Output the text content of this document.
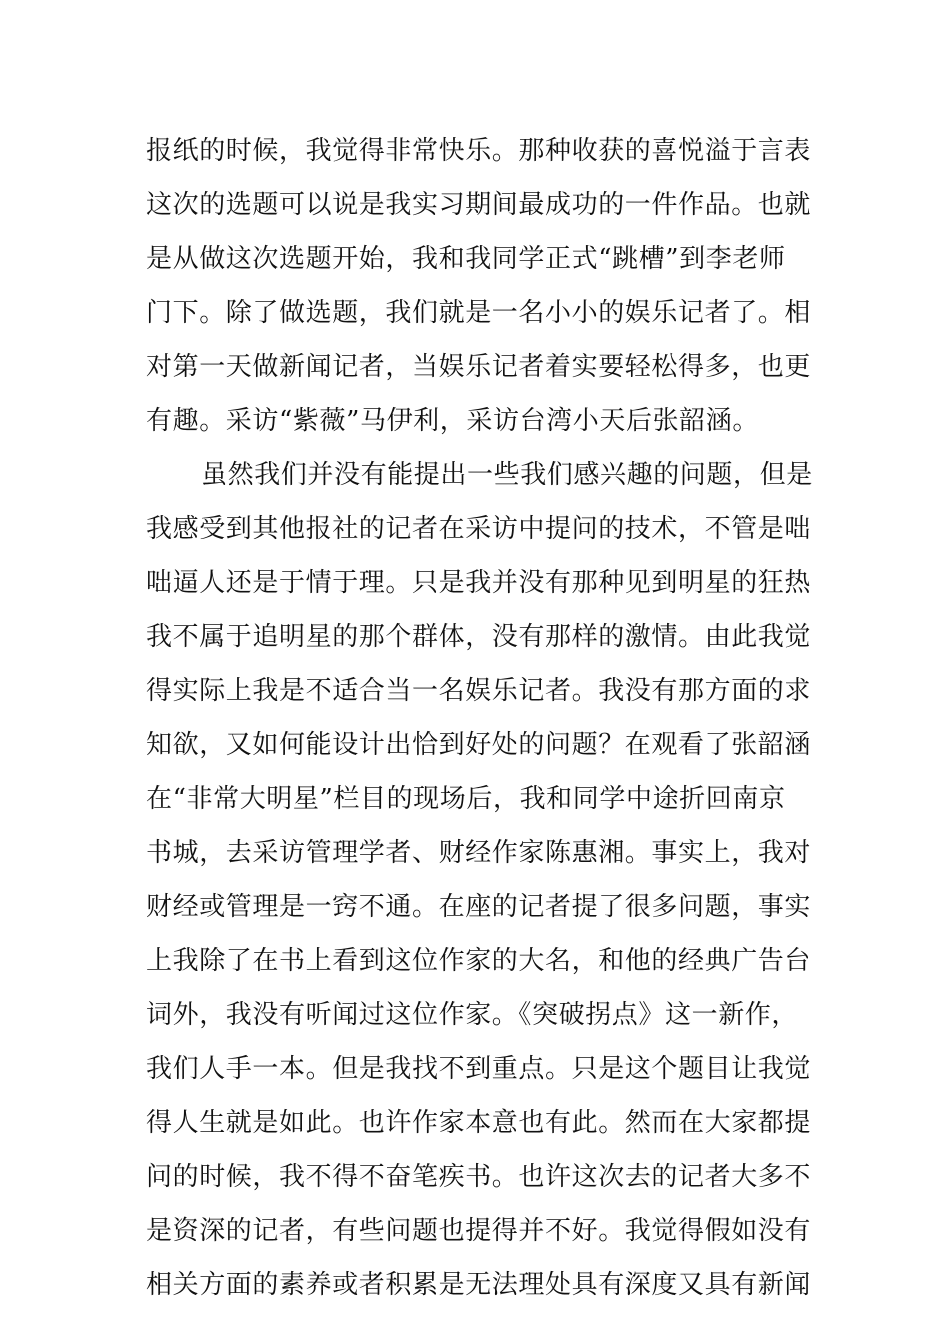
报纸的时候，我觉得非常快乐。那种收获的喜悦溢于言表
这次的选题可以说是我实习期间最成功的一件作品。也就
是从做这次选题开始，我和我同学正式“跳槽”到李老师
门下。除了做选题，我们就是一名小小的娱乐记者了。相
对第一天做新闻记者，当娱乐记者着实要轻松得多，也更
有趣。采访“紫薇”马伊利，采访台湾小天后张韶涵。
虽然我们并没有能提出一些我们感兴趣的问题，但是
我感受到其他报社的记者在采访中提问的技术，不管是咄
咄逼人还是于情于理。只是我并没有那种见到明星的狂热
我不属于追明星的那个群体，没有那样的激情。由此我觉
得实际上我是不适合当一名娱乐记者。我没有那方面的求
知欲，又如何能设计出恰到好处的问题？在观看了张韶涵
在“非常大明星”栏目的现场后，我和同学中途折回南京
书城，去采访管理学者、财经作家陈惠湘。事实上，我对
财经或管理是一窍不通。在座的记者提了很多问题，事实
上我除了在书上看到这位作家的大名，和他的经典广告台
词外，我没有听闻过这位作家。《突破拐点》这一新作，
我们人手一本。但是我找不到重点。只是这个题目让我觉
得人生就是如此。也许作家本意也有此。然而在大家都提
问的时候，我不得不奋笔疾书。也许这次去的记者大多不
是资深的记者，有些问题也提得并不好。我觉得假如没有
相关方面的素养或者积累是无法理处具有深度又具有新闻
